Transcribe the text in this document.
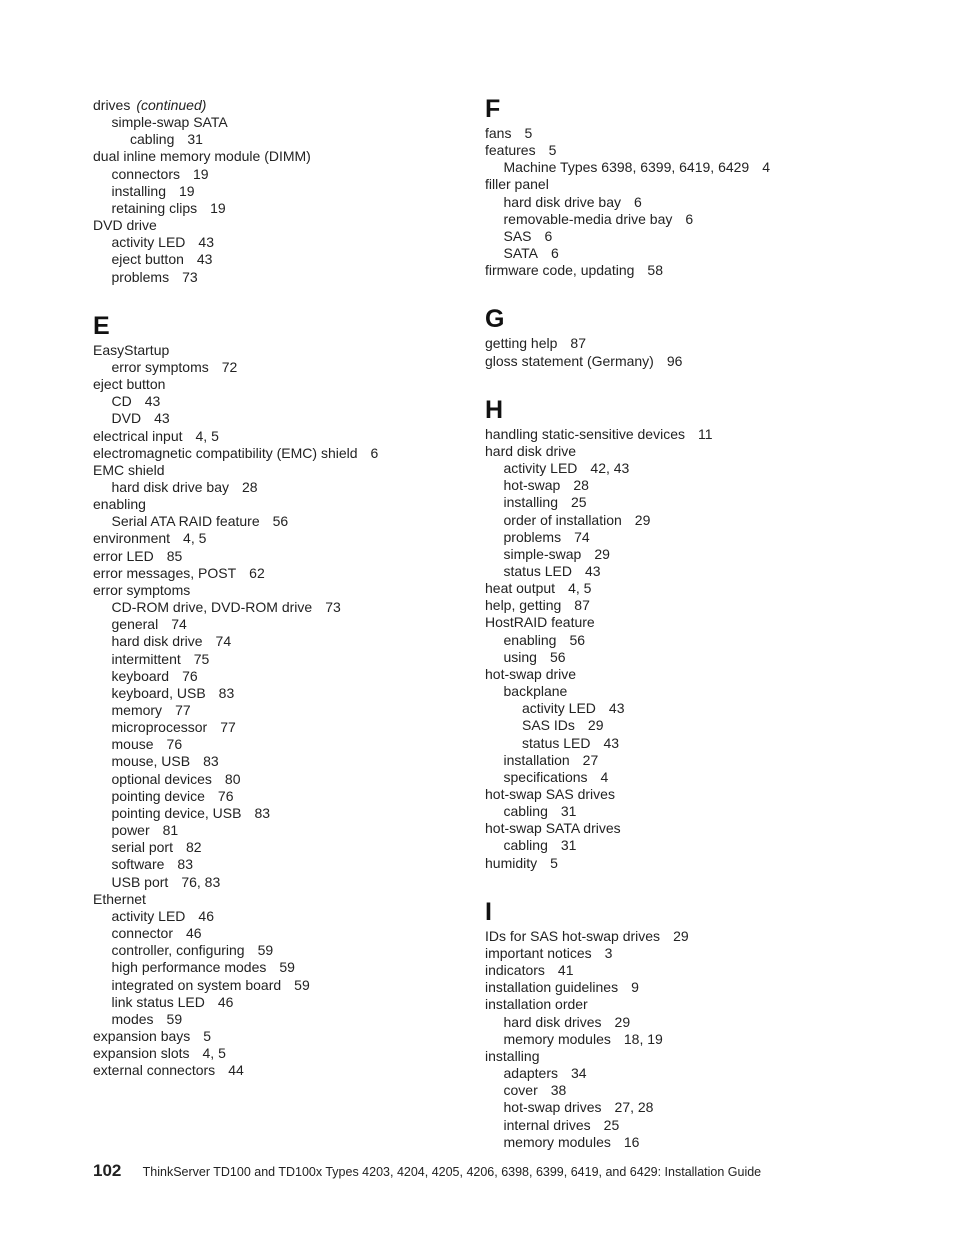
drives (continued)
simple-swap SATA
cabling 31
dual inline memory module (DIMM)
connectors 19
installing 19
retaining clips 19
DVD drive
activity LED 43
eject button 43
problems 73
E
EasyStartup
error symptoms 72
eject button
CD 43
DVD 43
electrical input 4, 5
electromagnetic compatibility (EMC) shield 6
EMC shield
hard disk drive bay 28
enabling
Serial ATA RAID feature 56
environment 4, 5
error LED 85
error messages, POST 62
error symptoms
CD-ROM drive, DVD-ROM drive 73
general 74
hard disk drive 74
intermittent 75
keyboard 76
keyboard, USB 83
memory 77
microprocessor 77
mouse 76
mouse, USB 83
optional devices 80
pointing device 76
pointing device, USB 83
power 81
serial port 82
software 83
USB port 76, 83
Ethernet
activity LED 46
connector 46
controller, configuring 59
high performance modes 59
integrated on system board 59
link status LED 46
modes 59
expansion bays 5
expansion slots 4, 5
external connectors 44
F
fans 5
features 5
Machine Types 6398, 6399, 6419, 6429 4
filler panel
hard disk drive bay 6
removable-media drive bay 6
SAS 6
SATA 6
firmware code, updating 58
G
getting help 87
gloss statement (Germany) 96
H
handling static-sensitive devices 11
hard disk drive
activity LED 42, 43
hot-swap 28
installing 25
order of installation 29
problems 74
simple-swap 29
status LED 43
heat output 4, 5
help, getting 87
HostRAID feature
enabling 56
using 56
hot-swap drive
backplane
activity LED 43
SAS IDs 29
status LED 43
installation 27
specifications 4
hot-swap SAS drives
cabling 31
hot-swap SATA drives
cabling 31
humidity 5
I
IDs for SAS hot-swap drives 29
important notices 3
indicators 41
installation guidelines 9
installation order
hard disk drives 29
memory modules 18, 19
installing
adapters 34
cover 38
hot-swap drives 27, 28
internal drives 25
memory modules 16
102 ThinkServer TD100 and TD100x Types 4203, 4204, 4205, 4206, 6398, 6399, 6419, and 6429: Installation Guide
